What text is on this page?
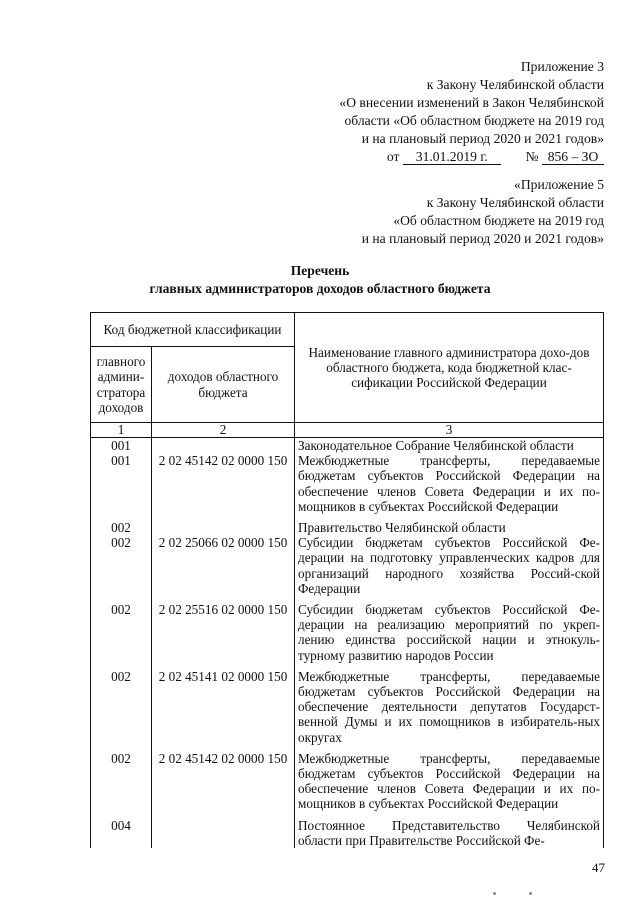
Приложение 3
к Закону Челябинской области
«О внесении изменений в Закон Челябинской
области «Об областном бюджете на 2019 год
и на плановый период 2020 и 2021 годов»
от 31.01.2019 г.	№ 856 – ЗО
«Приложение 5
к Закону Челябинской области
«Об областном бюджете на 2019 год
и на плановый период 2020 и 2021 годов»
Перечень
главных администраторов доходов областного бюджета
Код бюджетной классификации		Наименование главного администратора дохо-дов областного бюджета, кода бюджетной клас-сификации Российской Федерации
главного админи-стратора доходов	доходов областного бюджета	
1	2	3
001		Законодательное Собрание Челябинской области
001	2 02 45142 02 0000 150	Межбюджетные трансферты, передаваемые бюджетам субъектов Российской Федерации на обеспечение членов Совета Федерации и их по-мощников в субъектах Российской Федерации

002		Правительство Челябинской области
002	2 02 25066 02 0000 150	Субсидии бюджетам субъектов Российской Фе-дерации на подготовку управленческих кадров для организаций народного хозяйства Россий-ской Федерации

002	2 02 25516 02 0000 150	Субсидии бюджетам субъектов Российской Фе-дерации на реализацию мероприятий по укреп-лению единства российской нации и этнокуль-турному развитию народов России

002	2 02 45141 02 0000 150	Межбюджетные трансферты, передаваемые бюджетам субъектов Российской Федерации на обеспечение деятельности депутатов Государст-венной Думы и их помощников в избиратель-ных округах

002	2 02 45142 02 0000 150	Межбюджетные трансферты, передаваемые бюджетам субъектов Российской Федерации на обеспечение членов Совета Федерации и их по-мощников в субъектах Российской Федерации

004		Постоянное Представительство Челябинской области при Правительстве Российской Фе-
47
